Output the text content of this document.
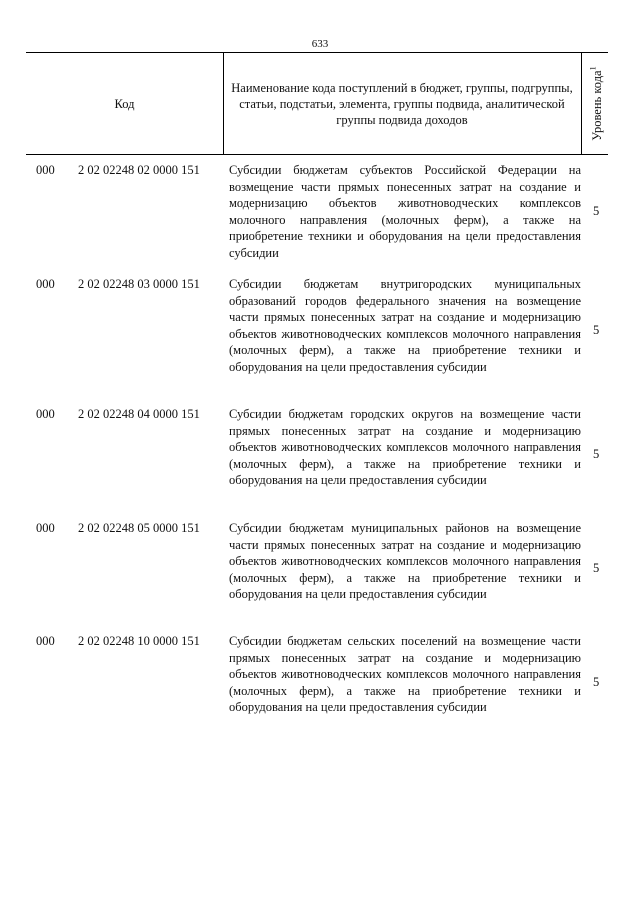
633
Код
Наименование кода поступлений в бюджет, группы, подгруппы, статьи, подстатьи, элемента, группы подвида, аналитической группы подвида доходов	Уровень кода$^1$
000 2 02 02248 02 0000 151 Субсидии бюджетам субъектов Российской Федерации на возмещение части прямых понесенных затрат на создание и модернизацию объектов животноводческих комплексов молочного направления (молочных ферм), а также на приобретение техники и оборудования на цели предоставления субсидии
5
000 2 02 02248 03 0000 151 Субсидии бюджетам внутригородских муниципальных образований городов федерального значения на возмещение части прямых понесенных затрат на создание и модернизацию объектов животноводческих комплексов молочного направления (молочных ферм), а также на приобретение техники и оборудования на цели предоставления субсидии
5
000 2 02 02248 04 0000 151 Субсидии бюджетам городских округов на возмещение части прямых понесенных затрат на создание и модернизацию объектов животноводческих комплексов молочного направления (молочных ферм), а также на приобретение техники и оборудования на цели предоставления субсидии
5
000 2 02 02248 05 0000 151 Субсидии бюджетам муниципальных районов на возмещение части прямых понесенных затрат на создание и модернизацию объектов животноводческих комплексов молочного направления (молочных ферм), а также на приобретение техники и оборудования на цели предоставления субсидии
5
000 2 02 02248 10 0000 151 Субсидии бюджетам сельских поселений на возмещение части прямых понесенных затрат на создание и модернизацию объектов животноводческих комплексов молочного направления (молочных ферм), а также на приобретение техники и оборудования на цели предоставления субсидии
5
